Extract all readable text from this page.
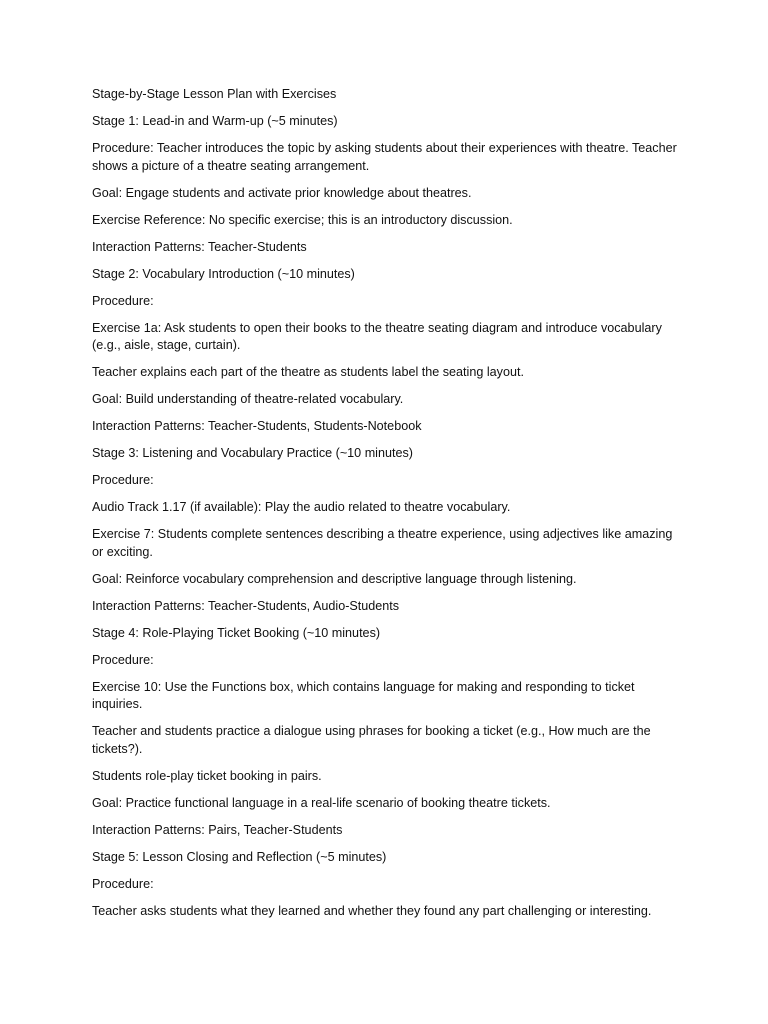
Stage-by-Stage Lesson Plan with Exercises

Stage 1: Lead-in and Warm-up (~5 minutes)

Procedure: Teacher introduces the topic by asking students about their experiences with theatre. Teacher shows a picture of a theatre seating arrangement.

Goal: Engage students and activate prior knowledge about theatres.

Exercise Reference: No specific exercise; this is an introductory discussion.

Interaction Patterns: Teacher-Students

Stage 2: Vocabulary Introduction (~10 minutes)

Procedure:

Exercise 1a: Ask students to open their books to the theatre seating diagram and introduce vocabulary (e.g., aisle, stage, curtain).

Teacher explains each part of the theatre as students label the seating layout.

Goal: Build understanding of theatre-related vocabulary.

Interaction Patterns: Teacher-Students, Students-Notebook

Stage 3: Listening and Vocabulary Practice (~10 minutes)

Procedure:

Audio Track 1.17 (if available): Play the audio related to theatre vocabulary.

Exercise 7: Students complete sentences describing a theatre experience, using adjectives like amazing or exciting.

Goal: Reinforce vocabulary comprehension and descriptive language through listening.

Interaction Patterns: Teacher-Students, Audio-Students

Stage 4: Role-Playing Ticket Booking (~10 minutes)

Procedure:

Exercise 10: Use the Functions box, which contains language for making and responding to ticket inquiries.

Teacher and students practice a dialogue using phrases for booking a ticket (e.g., How much are the tickets?).

Students role-play ticket booking in pairs.

Goal: Practice functional language in a real-life scenario of booking theatre tickets.

Interaction Patterns: Pairs, Teacher-Students

Stage 5: Lesson Closing and Reflection (~5 minutes)

Procedure:

Teacher asks students what they learned and whether they found any part challenging or interesting.
